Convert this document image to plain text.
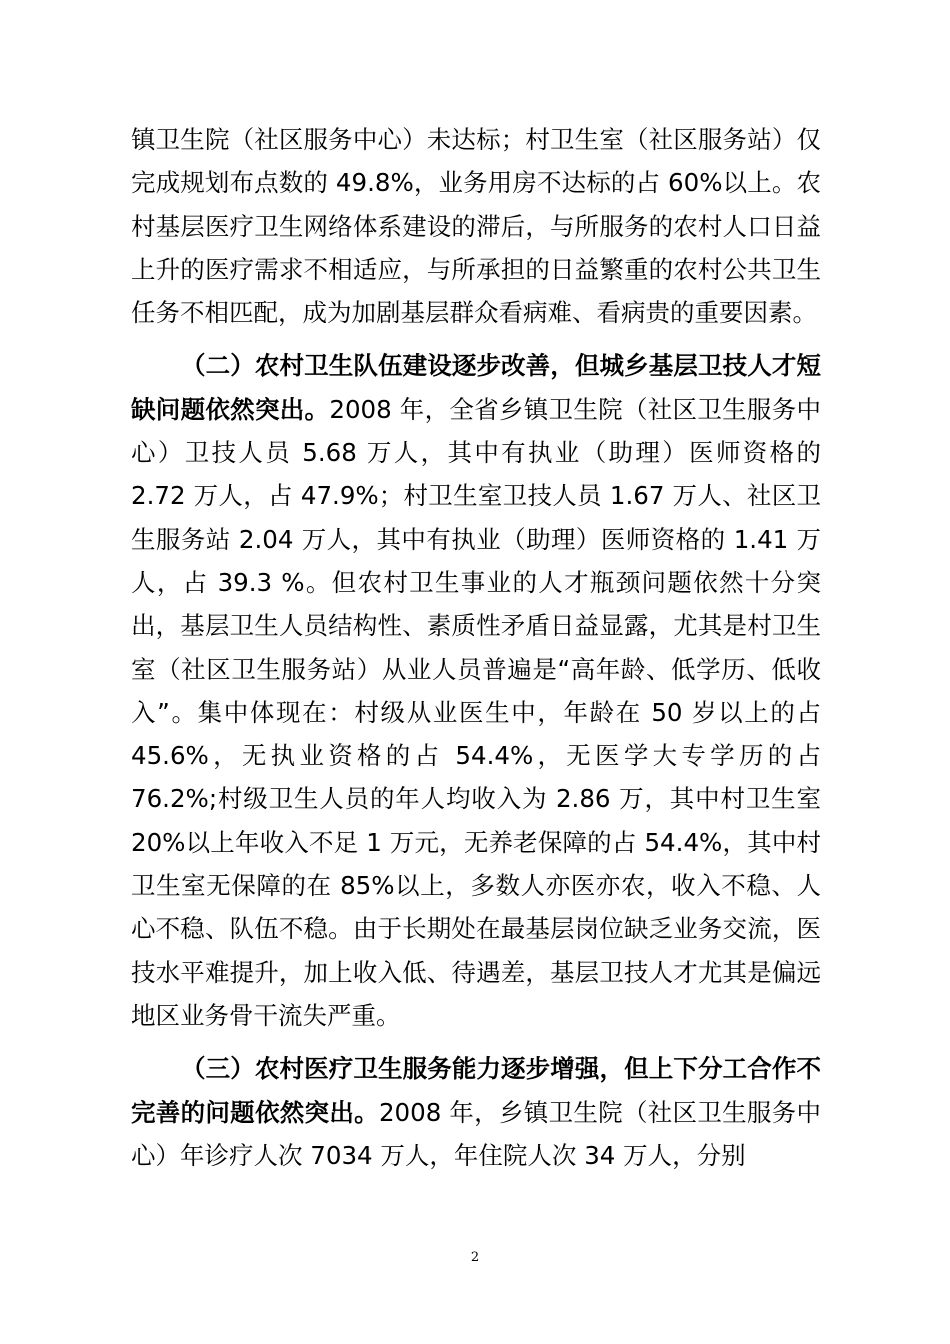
镇卫生院（社区服务中心）未达标；村卫生室（社区服务站）仅完成规划布点数的 49.8%，业务用房不达标的占 60%以上。农村基层医疗卫生网络体系建设的滞后，与所服务的农村人口日益上升的医疗需求不相适应，与所承担的日益繁重的农村公共卫生任务不相匹配，成为加剧基层群众看病难、看病贵的重要因素。

（二）农村卫生队伍建设逐步改善，但城乡基层卫技人才短缺问题依然突出。2008 年，全省乡镇卫生院（社区卫生服务中心）卫技人员 5.68 万人，其中有执业（助理）医师资格的 2.72 万人，占 47.9%；村卫生室卫技人员 1.67 万人、社区卫生服务站 2.04 万人，其中有执业（助理）医师资格的 1.41 万人，占 39.3 %。但农村卫生事业的人才瓶颈问题依然十分突出，基层卫生人员结构性、素质性矛盾日益显露，尤其是村卫生室（社区卫生服务站）从业人员普遍是“高年龄、低学历、低收入”。集中体现在：村级从业医生中，年龄在 50 岁以上的占 45.6%，无执业资格的占 54.4%，无医学大专学历的占 76.2%;村级卫生人员的年人均收入为 2.86 万，其中村卫生室 20%以上年收入不足 1 万元，无养老保障的占 54.4%，其中村卫生室无保障的在 85%以上，多数人亦医亦农，收入不稳、人心不稳、队伍不稳。由于长期处在最基层岗位缺乏业务交流，医技水平难提升，加上收入低、待遇差，基层卫技人才尤其是偏远地区业务骨干流失严重。

（三）农村医疗卫生服务能力逐步增强，但上下分工合作不完善的问题依然突出。2008 年，乡镇卫生院（社区卫生服务中心）年诊疗人次 7034 万人，年住院人次 34 万人，分别

2
